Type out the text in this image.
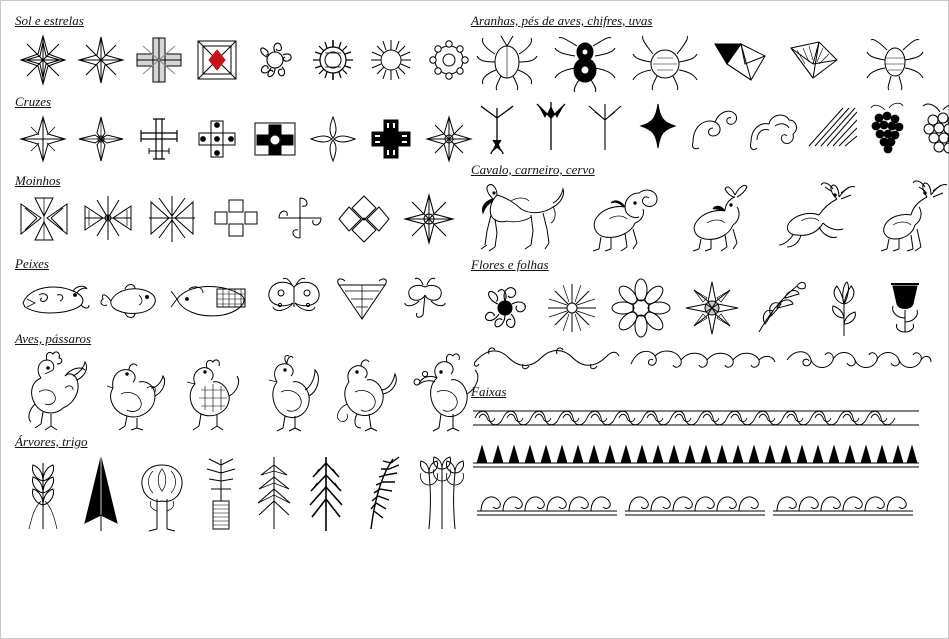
Sol e estrelas
Cruzes
Moinhos
Peixes
Aves, pássaros
Árvores, trigo
Aranhas, pés de aves, chifres, uvas
Cavalo, carneiro, cervo
Flores e folhas
Faixas
